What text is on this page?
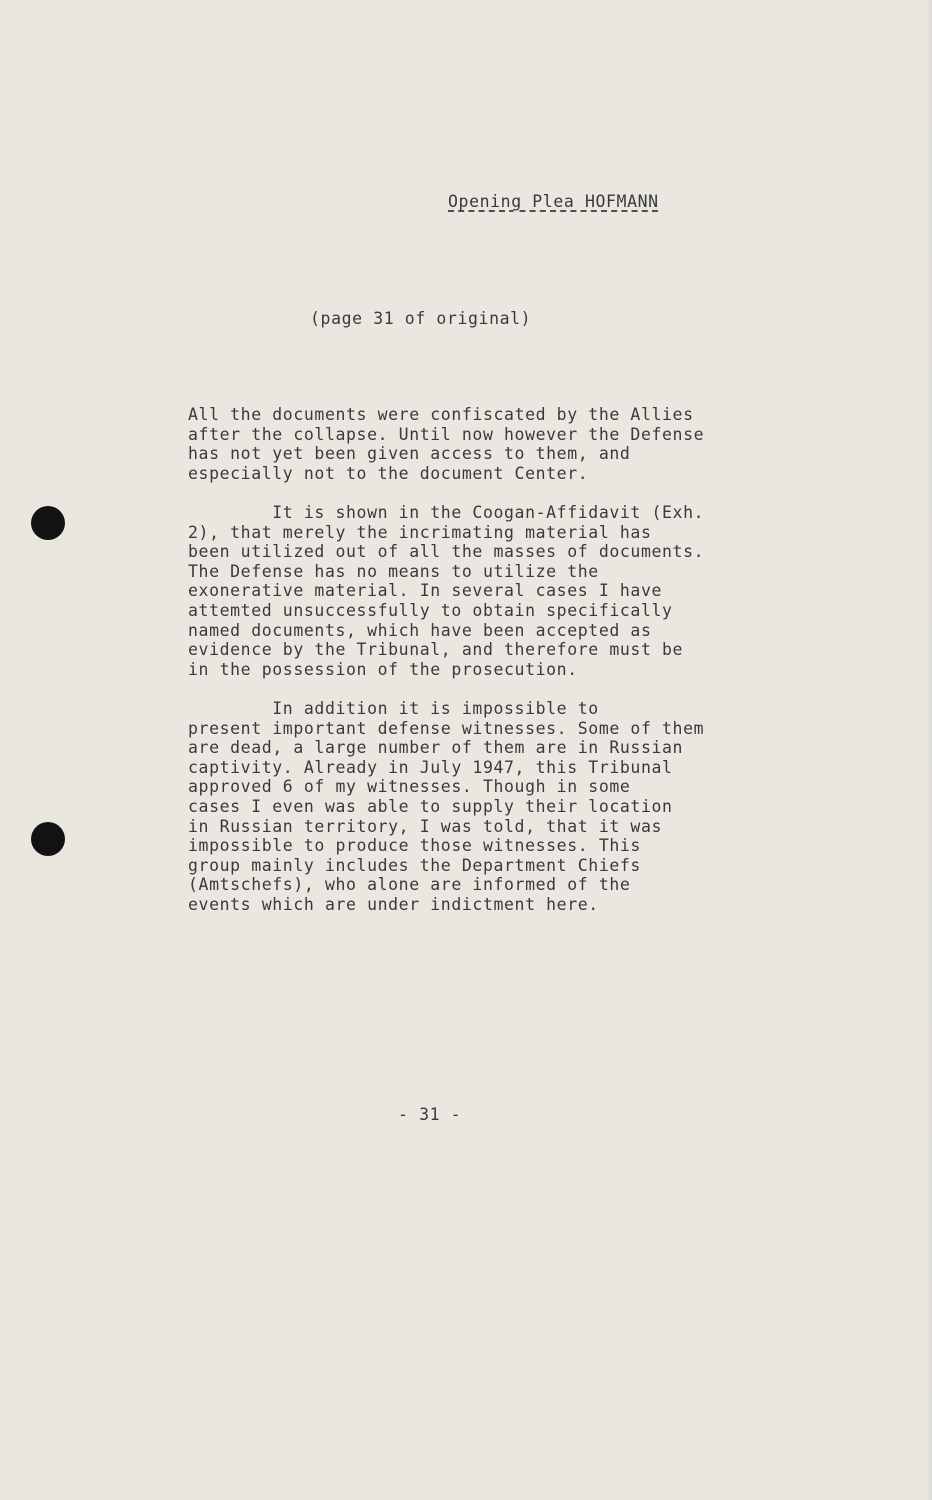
Opening Plea HOFMANN
(page 31 of original)
All the documents were confiscated by the Allies
after the collapse. Until now however the Defense
has not yet been given access to them, and
especially not to the document Center.
It is shown in the Coogan-Affidavit (Exh.
2), that merely the incrimating material has
been utilized out of all the masses of documents.
The Defense has no means to utilize the
exonerative material. In several cases I have
attemted unsuccessfully to obtain specifically
named documents, which have been accepted as
evidence by the Tribunal, and therefore must be
in the possession of the prosecution.
In addition it is impossible to
present important defense witnesses. Some of them
are dead, a large number of them are in Russian
captivity. Already in July 1947, this Tribunal
approved 6 of my witnesses. Though in some
cases I even was able to supply their location
in Russian territory, I was told, that it was
impossible to produce those witnesses. This
group mainly includes the Department Chiefs
(Amtschefs), who alone are informed of the
events which are under indictment here.
- 31 -
